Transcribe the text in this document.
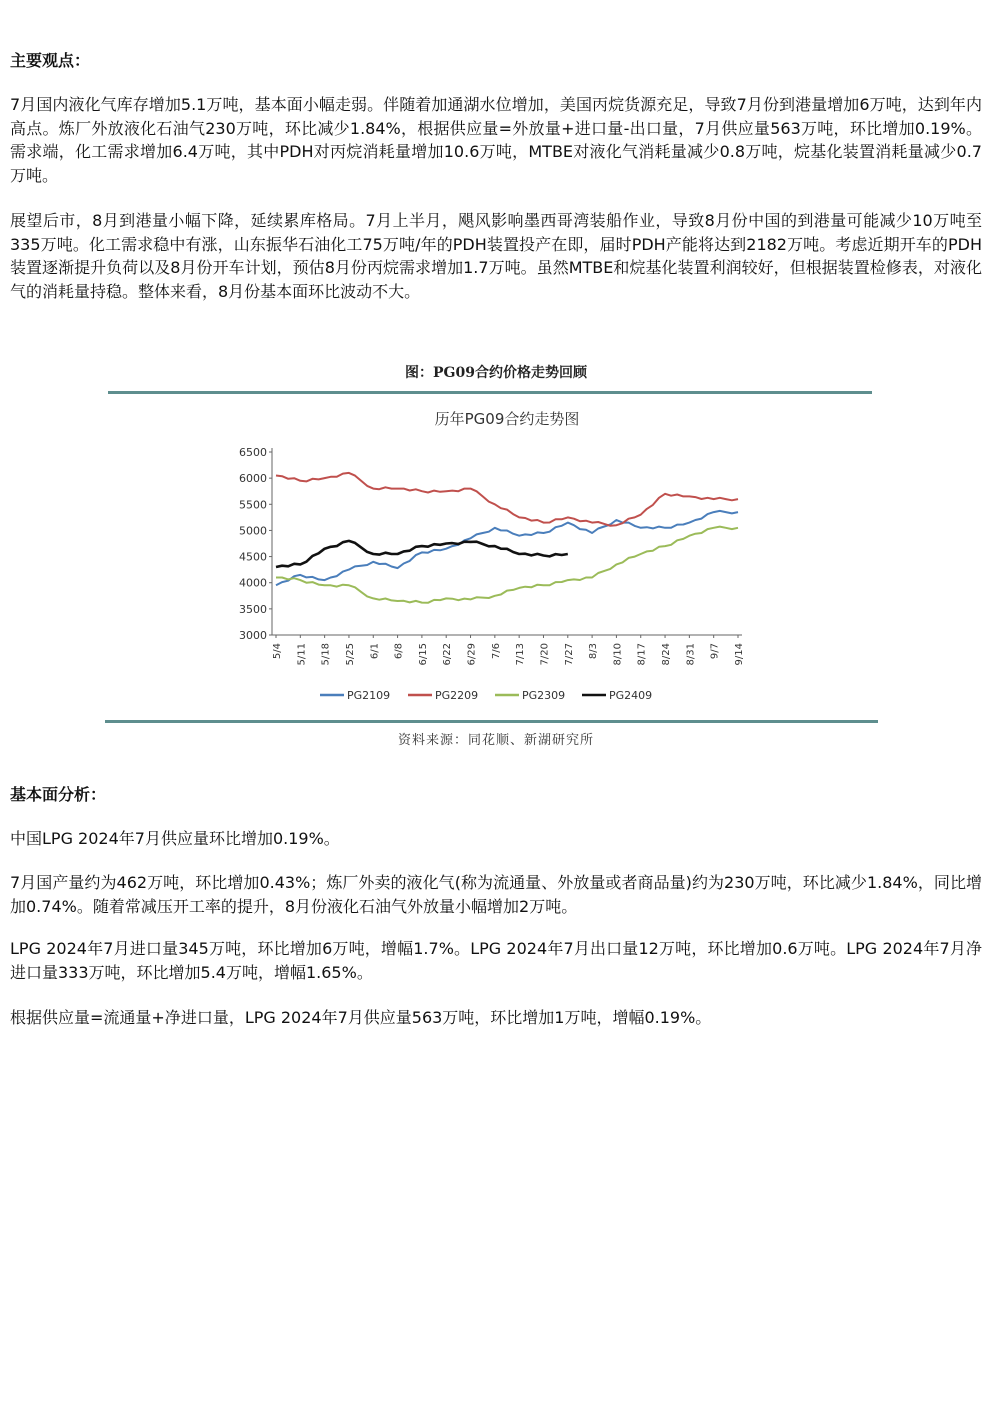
主要观点：
7月国内液化气库存增加5.1万吨，基本面小幅走弱。伴随着加通湖水位增加，美国丙烷货源充足，导致7月份到港量增加6万吨，达到年内高点。炼厂外放液化石油气230万吨，环比减少1.84%，根据供应量=外放量+进口量-出口量，7月供应量563万吨，环比增加0.19%。需求端，化工需求增加6.4万吨，其中PDH对丙烷消耗量增加10.6万吨，MTBE对液化气消耗量减少0.8万吨，烷基化装置消耗量减少0.7万吨。
展望后市，8月到港量小幅下降，延续累库格局。7月上半月，飓风影响墨西哥湾装船作业，导致8月份中国的到港量可能减少10万吨至335万吨。化工需求稳中有涨，山东振华石油化工75万吨/年的PDH装置投产在即，届时PDH产能将达到2182万吨。考虑近期开车的PDH装置逐渐提升负荷以及8月份开车计划，预估8月份丙烷需求增加1.7万吨。虽然MTBE和烷基化装置利润较好，但根据装置检修表，对液化气的消耗量持稳。整体来看，8月份基本面环比波动不大。
图：PG09合约价格走势回顾
历年PG09合约走势图
3000
3500
4000
4500
5000
5500
6000
6500
5/4 5/11 5/18 5/25 6/1 6/8 6/15 6/22 6/29 7/6 7/13 7/20 7/27 8/3 8/10 8/17 8/24 8/31 9/7 9/14
PG2109	PG2209	PG2309	PG2409
资料来源：同花顺、新湖研究所
基本面分析：
中国LPG 2024年7月供应量环比增加0.19%。
7月国产量约为462万吨，环比增加0.43%；炼厂外卖的液化气(称为流通量、外放量或者商品量)约为230万吨，环比减少1.84%，同比增加0.74%。随着常减压开工率的提升，8月份液化石油气外放量小幅增加2万吨。
LPG 2024年7月进口量345万吨，环比增加6万吨，增幅1.7%。LPG 2024年7月出口量12万吨，环比增加0.6万吨。LPG 2024年7月净进口量333万吨，环比增加5.4万吨，增幅1.65%。
根据供应量=流通量+净进口量，LPG 2024年7月供应量563万吨，环比增加1万吨，增幅0.19%。
